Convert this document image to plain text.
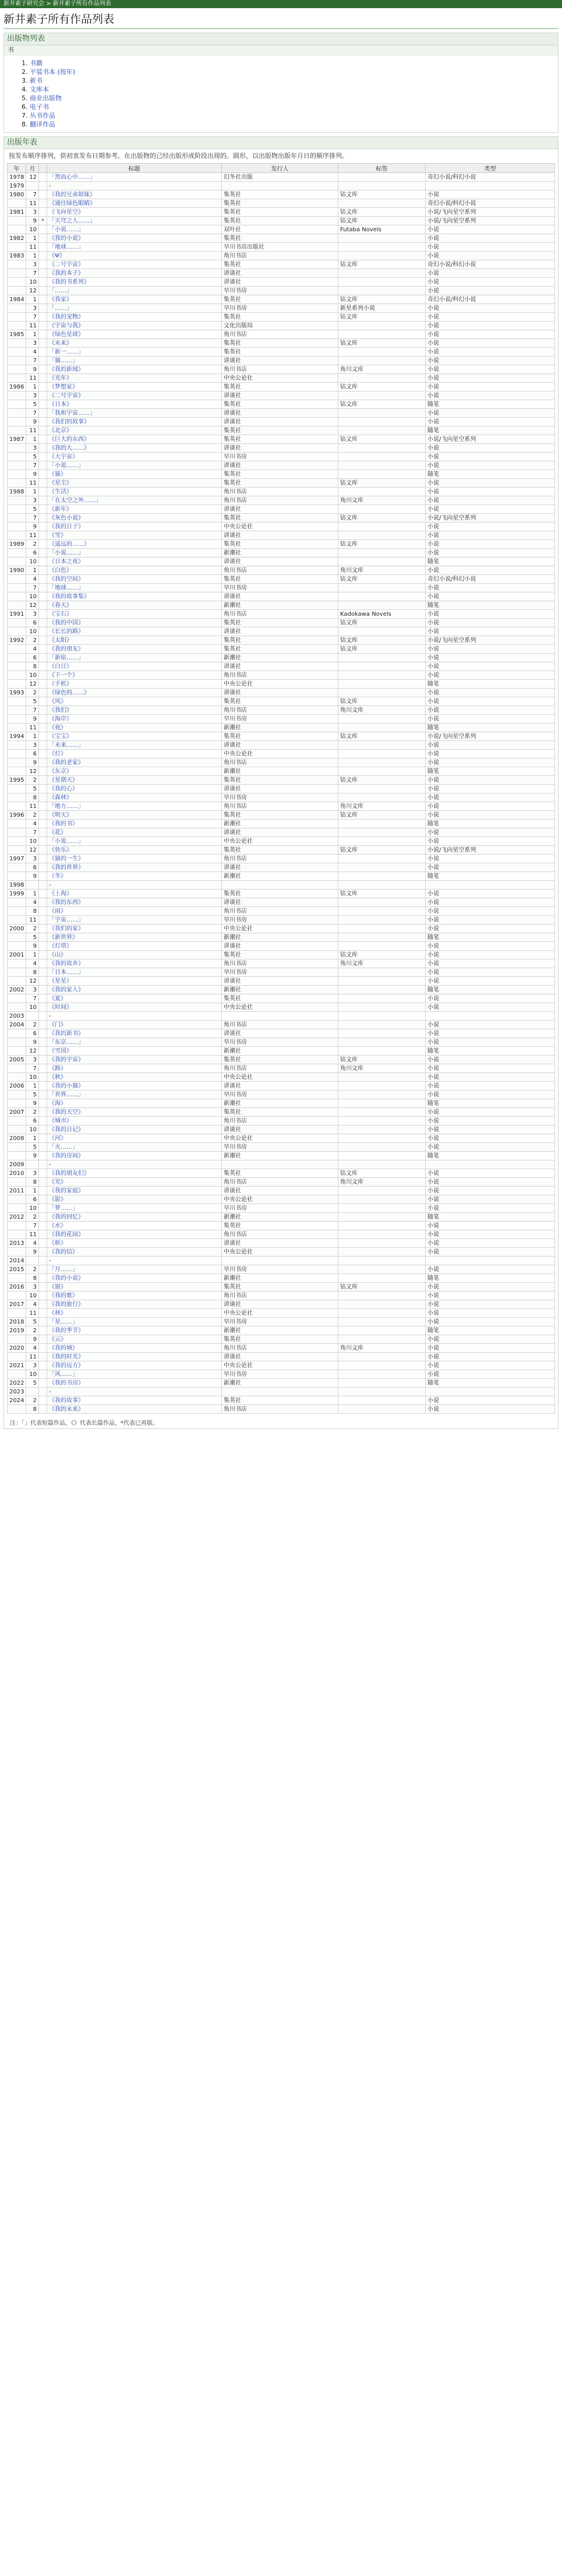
新井素子研究会 > 新井素子所有作品列表
新井素子所有作品列表
出版物列表
书
1. 书籍
2. 平装书本 (按年)
3. 新书
4. 文库本
5. 商业出版物
6. 电子书
7. 丛书作品
8. 翻译作品
出版年表
按发布顺序排列，供初衷发布日期参考。在出版物的已经出版形成阶段出现的。圆形，以出版物出版年月日的顺序排列。
年	月		标题	发行人	标签	类型
1978	12		「然而心中……」	幻冬社出版		奇幻小说/科幻小说
1979			-			
1980	7		《我的兄弟姐妹》	集英社	钴文库	小说
	11		《通往绿色眼睛》	集英社		奇幻小说/科幻小说
1981	3		《飞向星空》	集英社	钴文库	小说/飞向星空系列
	9	*	「天穹之人……」	集英社	钴文库	小说/飞向星空系列
	10		「小说……」	双叶社	Futaba Novels	小说
1982	1		《我的小说》	集英社		小说
	11		「地球……」	早川书房出版社		小说
1983	1		《Ψ》	角川书店		小说
	3		《二号宇宙》	集英社	钴文库	奇幻小说/科幻小说
	7		《我的本子》	讲谈社		小说
	10		《我的书系列》	讲谈社		小说
	12		「……」	早川书房		小说
1984	1		《我家》	集英社	钴文库	奇幻小说/科幻小说
	3		「……」	早川书房	新星系列小说	小说
	7		《我的宠物》	集英社	钴文库	小说
	11		《宇宙与我》	文化出版局		小说
1985	1		《绿色星球》	角川书店		小说
	3		《未来》	集英社	钴文库	小说
	4		「新一……」	集英社		小说
	7		「猫……」	讲谈社		小说
	9		《我的新闻》	角川书店	角川文库	小说
	11		《光年》	中央公论社		小说
1986	1		《梦想家》	集英社	钴文库	小说
	3		《二号宇宙》	讲谈社		小说
	5		《日本》	集英社	钴文库	随笔
	7		「我和宇宙……」	讲谈社		小说
	9		《我们的故事》	讲谈社		小说
	11		《北京》	集英社		随笔
1987	1		《巨大的东西》	集英社	钴文库	小说/飞向星空系列
	3		《我的大……》	讲谈社		小说
	5		《大宇宙》	早川书房		小说
	7		「小说……」	讲谈社		小说
	9		《猫》	集英社		随笔
	11		《星尘》	集英社	钴文库	小说
1988	1		《生活》	角川书店		小说
	3		「在太空之外……」	角川书店	角川文库	小说
	5		《新年》	讲谈社		小说
	7		《灰色小说》	集英社	钴文库	小说/飞向星空系列
	9		《我的日子》	中央公论社		小说
	11		《雪》	讲谈社		小说
1989	2		《遥远的……》	集英社	钴文库	小说
	6		「小说……」	新潮社		小说
	10		《日本之夜》	讲谈社		随笔
1990	1		《白色》	角川书店	角川文库	小说
	4		《我的空间》	集英社	钴文库	奇幻小说/科幻小说
	7		「地球……」	早川书房		小说
	10		《我的故事集》	讲谈社		小说
	12		《春天》	新潮社		随笔
1991	3		《宝石》	角川书店	Kadokawa Novels	小说
	6		《我的中国》	集英社	钴文库	小说
	10		《长长的路》	讲谈社		小说
1992	2		《太阳》	集英社	钴文库	小说/飞向星空系列
	4		《我的朋友》	集英社	钴文库	小说
	6		「新宿……」	新潮社		小说
	8		《白日》	讲谈社		小说
	10		《下一个》	角川书店		小说
	12		《手机》	中央公论社		随笔
1993	2		《绿色的……》	讲谈社		小说
	5		《风》	集英社	钴文库	小说
	7		《我们》	角川书店	角川文库	小说
	9		《海岸》	早川书房		小说
	11		《夜》	新潮社		随笔
1994	1		《宝宝》	集英社	钴文库	小说/飞向星空系列
	3		「未来……」	讲谈社		小说
	6		《灯》	中央公论社		小说
	9		《我的老家》	角川书店		小说
	12		《东京》	新潮社		随笔
1995	2		《星期天》	集英社	钴文库	小说
	5		《我的心》	讲谈社		小说
	8		《森林》	早川书房		小说
	11		「地方……」	角川书店	角川文库	小说
1996	2		《明天》	集英社	钴文库	小说
	4		《我的书》	新潮社		随笔
	7		《花》	讲谈社		小说
	10		「小说……」	中央公论社		小说
	12		《快乐》	集英社	钴文库	小说/飞向星空系列
1997	3		《猫的一生》	角川书店		小说
	6		《我的世界》	讲谈社		小说
	9		《冬》	新潮社		随笔
1998			-			
1999	1		《上海》	集英社	钴文库	小说
	4		《我的东西》	讲谈社		小说
	8		《雨》	角川书店		小说
	11		「宇宙……」	早川书房		小说
2000	2		《我们的家》	中央公论社		小说
	5		《新世界》	新潮社		随笔
	9		《灯塔》	讲谈社		小说
2001	1		《山》	集英社	钴文库	小说
	4		《我的故乡》	角川书店	角川文库	小说
	8		「日本……」	早川书房		小说
	12		《星星》	讲谈社		小说
2002	3		《我的家人》	新潮社		随笔
	7		《夏》	集英社		小说
	10		《时间》	中央公论社		小说
2003			-			
2004	2		《门》	角川书店		小说
	6		《我的新书》	讲谈社		小说
	9		「东京……」	早川书房		小说
	12		《雪国》	新潮社		随笔
2005	3		《我的宇宙》	集英社	钴文库	小说
	7		《路》	角川书店	角川文库	小说
	10		《秋》	中央公论社		小说
2006	1		《我的小猫》	讲谈社		小说
	5		「世界……」	早川书房		小说
	9		《海》	新潮社		随笔
2007	2		《我的天空》	集英社		小说
	6		《城市》	角川书店		小说
	10		《我的日记》	讲谈社		小说
2008	1		《河》	中央公论社		小说
	5		「火……」	早川书房		小说
	9		《我的房间》	新潮社		随笔
2009			-			
2010	3		《我的朋友们》	集英社	钴文库	小说
	8		《光》	角川书店	角川文库	小说
2011	1		《我的家庭》	讲谈社		小说
	6		《影》	中央公论社		小说
	10		「梦……」	早川书房		小说
2012	2		《我的回忆》	新潮社		随笔
	7		《水》	集英社		小说
	11		《我的花园》	角川书店		小说
2013	4		《桥》	讲谈社		小说
	9		《我的信》	中央公论社		小说
2014			-			
2015	2		「月……」	早川书房		小说
	8		《我的小说》	新潮社		随笔
2016	3		《窗》	集英社	钴文库	小说
	10		《我的歌》	角川书店		小说
2017	4		《我的旅行》	讲谈社		小说
	11		《林》	中央公论社		小说
2018	5		「星……」	早川书房		小说
2019	2		《我的季节》	新潮社		随笔
	9		《云》	集英社		小说
2020	4		《我的城》	角川书店	角川文库	小说
	11		《我的时光》	讲谈社		小说
2021	3		《我的远方》	中央公论社		小说
	10		「风……」	早川书房		小说
2022	5		《我的书房》	新潮社		随笔
2023			-			
2024	2		《我的故事》	集英社		小说
	8		《我的未来》	角川书店		小说
注：「」代表短篇作品，《》代表长篇作品，*代表已再版。
